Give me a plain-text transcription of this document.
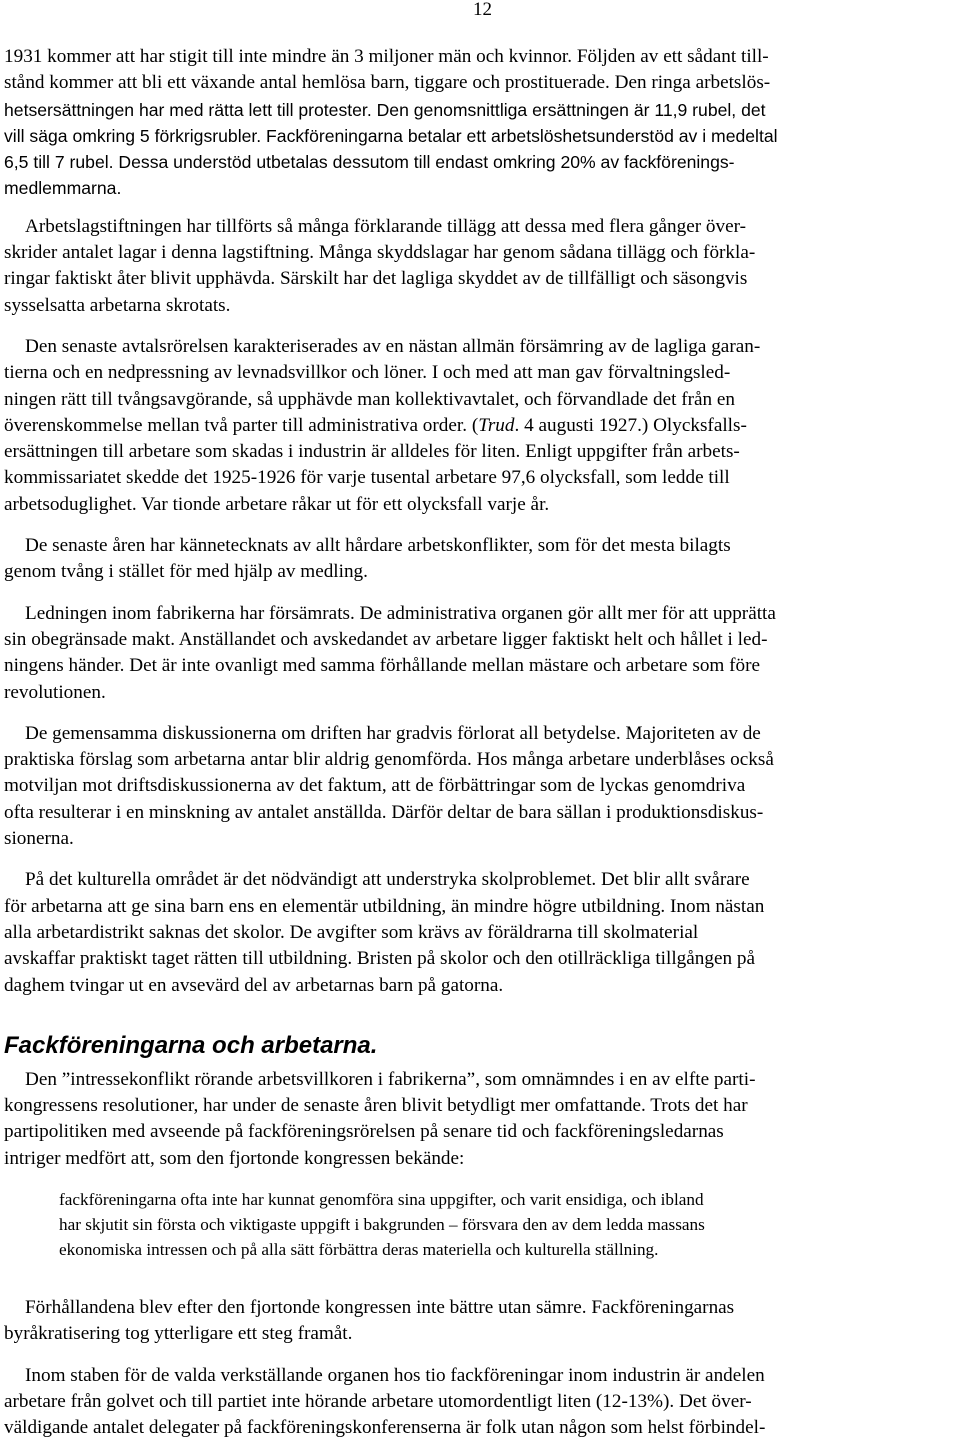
12

1931 kommer att har stigit till inte mindre än 3 miljoner män och kvinnor. Följden av ett sådant till-
stånd kommer att bli ett växande antal hemlösa barn, tiggare och prostituerade. Den ringa arbetslös-
hetsersättningen har med rätta lett till protester. Den genomsnittliga ersättningen är 11,9 rubel, det
vill säga omkring 5 förkrigsrubler. Fackföreningarna betalar ett arbetslöshetsunderstöd av i medeltal
6,5 till 7 rubel. Dessa understöd utbetalas dessutom till endast omkring 20% av fackförenings-
medlemmarna.

Arbetslagstiftningen har tillförts så många förklarande tillägg att dessa med flera gånger över-
skrider antalet lagar i denna lagstiftning. Många skyddslagar har genom sådana tillägg och förkla-
ringar faktiskt åter blivit upphävda. Särskilt har det lagliga skyddet av de tillfälligt och säsongvis
sysselsatta arbetarna skrotats.

Den senaste avtalsrörelsen karakteriserades av en nästan allmän försämring av de lagliga garan-
tierna och en nedpressning av levnadsvillkor och löner. I och med att man gav förvaltningsled-
ningen rätt till tvångsavgörande, så upphävde man kollektivavtalet, och förvandlade det från en
överenskommelse mellan två parter till administrativa order. (Trud. 4 augusti 1927.) Olycksfalls-
ersättningen till arbetare som skadas i industrin är alldeles för liten. Enligt uppgifter från arbets-
kommissariatet skedde det 1925-1926 för varje tusental arbetare 97,6 olycksfall, som ledde till
arbetsoduglighet. Var tionde arbetare råkar ut för ett olycksfall varje år.

De senaste åren har kännetecknats av allt hårdare arbetskonflikter, som för det mesta bilagts
genom tvång i stället för med hjälp av medling.

Ledningen inom fabrikerna har försämrats. De administrativa organen gör allt mer för att upprätta
sin obegränsade makt. Anställandet och avskedandet av arbetare ligger faktiskt helt och hållet i led-
ningens händer. Det är inte ovanligt med samma förhållande mellan mästare och arbetare som före
revolutionen.

De gemensamma diskussionerna om driften har gradvis förlorat all betydelse. Majoriteten av de
praktiska förslag som arbetarna antar blir aldrig genomförda. Hos många arbetare underblåses också
motviljan mot driftsdiskussionerna av det faktum, att de förbättringar som de lyckas genomdriva
ofta resulterar i en minskning av antalet anställda. Därför deltar de bara sällan i produktionsdiskus-
sionerna.

På det kulturella området är det nödvändigt att understryka skolproblemet. Det blir allt svårare
för arbetarna att ge sina barn ens en elementär utbildning, än mindre högre utbildning. Inom nästan
alla arbetardistrikt saknas det skolor. De avgifter som krävs av föräldrarna till skolmaterial
avskaffar praktiskt taget rätten till utbildning. Bristen på skolor och den otillräckliga tillgången på
daghem tvingar ut en avsevärd del av arbetarnas barn på gatorna.

Fackföreningarna och arbetarna.

Den ”intressekonflikt rörande arbetsvillkoren i fabrikerna”, som omnämndes i en av elfte parti-
kongressens resolutioner, har under de senaste åren blivit betydligt mer omfattande. Trots det har
partipolitiken med avseende på fackföreningsrörelsen på senare tid och fackföreningsledarnas
intriger medfört att, som den fjortonde kongressen bekände:

fackföreningarna ofta inte har kunnat genomföra sina uppgifter, och varit ensidiga, och ibland
har skjutit sin första och viktigaste uppgift i bakgrunden – försvara den av dem ledda massans
ekonomiska intressen och på alla sätt förbättra deras materiella och kulturella ställning.

Förhållandena blev efter den fjortonde kongressen inte bättre utan sämre. Fackföreningarnas
byråkratisering tog ytterligare ett steg framåt.

Inom staben för de valda verkställande organen hos tio fackföreningar inom industrin är andelen
arbetare från golvet och till partiet inte hörande arbetare utomordentligt liten (12-13%). Det över-
väldigande antalet delegater på fackföreningskonferenserna är folk utan någon som helst förbindel-
